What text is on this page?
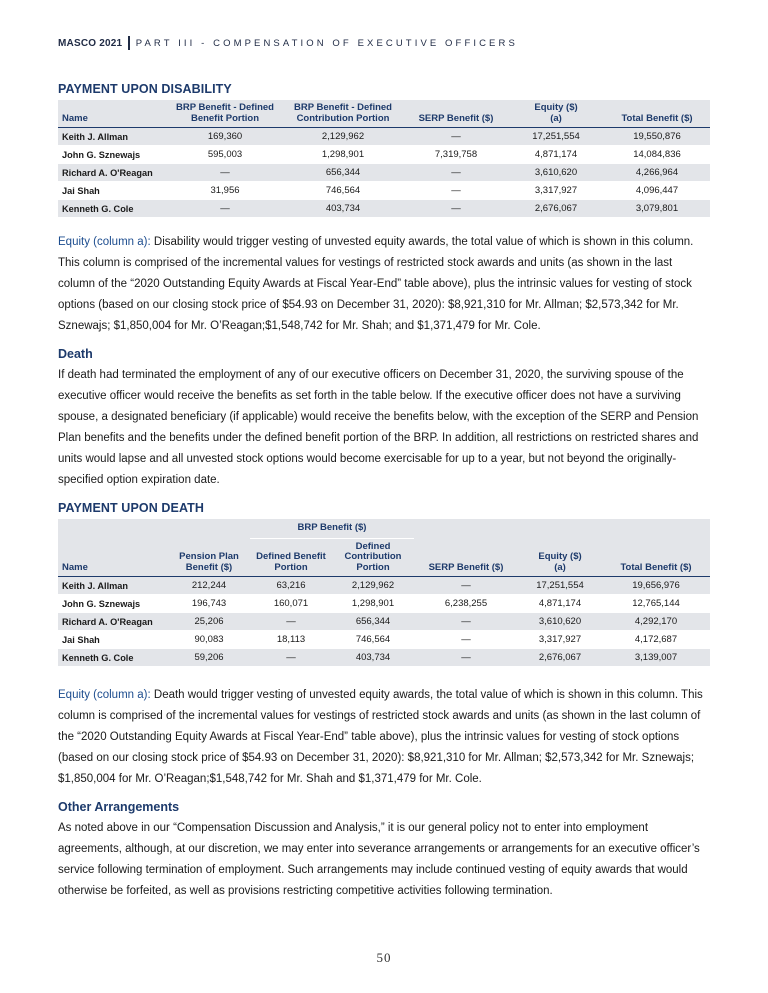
MASCO 2021 PART III - COMPENSATION OF EXECUTIVE OFFICERS
PAYMENT UPON DISABILITY
Name	BRP Benefit - Defined Benefit Portion	BRP Benefit - Defined Contribution Portion	SERP Benefit ($)	Equity ($) (a)	Total Benefit ($)
Keith J. Allman	169,360	2,129,962	—	17,251,554	19,550,876
John G. Sznewajs	595,003	1,298,901	7,319,758	4,871,174	14,084,836
Richard A. O'Reagan	—	656,344	—	3,610,620	4,266,964
Jai Shah	31,956	746,564	—	3,317,927	4,096,447
Kenneth G. Cole	—	403,734	—	2,676,067	3,079,801

Equity (column a): Disability would trigger vesting of unvested equity awards, the total value of which is shown in this column. This column is comprised of the incremental values for vestings of restricted stock awards and units (as shown in the last column of the “2020 Outstanding Equity Awards at Fiscal Year-End” table above), plus the intrinsic values for vesting of stock options (based on our closing stock price of $54.93 on December 31, 2020): $8,921,310 for Mr. Allman; $2,573,342 for Mr. Sznewajs; $1,850,004 for Mr. O’Reagan;$1,548,742 for Mr. Shah; and $1,371,479 for Mr. Cole.

Death

If death had terminated the employment of any of our executive officers on December 31, 2020, the surviving spouse of the executive officer would receive the benefits as set forth in the table below. If the executive officer does not have a surviving spouse, a designated beneficiary (if applicable) would receive the benefits below, with the exception of the SERP and Pension Plan benefits and the benefits under the defined benefit portion of the BRP. In addition, all restrictions on restricted shares and units would lapse and all unvested stock options would become exercisable for up to a year, but not beyond the originally-specified option expiration date.

PAYMENT UPON DEATH
		BRP Benefit ($)				
Name	Pension Plan Benefit ($)	Defined Benefit Portion	Defined Contribution Portion	SERP Benefit ($)	Equity ($) (a)	Total Benefit ($)
Keith J. Allman	212,244	63,216	2,129,962	—	17,251,554	19,656,976
John G. Sznewajs	196,743	160,071	1,298,901	6,238,255	4,871,174	12,765,144
Richard A. O'Reagan	25,206	—	656,344	—	3,610,620	4,292,170
Jai Shah	90,083	18,113	746,564	—	3,317,927	4,172,687
Kenneth G. Cole	59,206	—	403,734	—	2,676,067	3,139,007

Equity (column a): Death would trigger vesting of unvested equity awards, the total value of which is shown in this column. This column is comprised of the incremental values for vestings of restricted stock awards and units (as shown in the last column of the “2020 Outstanding Equity Awards at Fiscal Year-End” table above), plus the intrinsic values for vesting of stock options (based on our closing stock price of $54.93 on December 31, 2020): $8,921,310 for Mr. Allman; $2,573,342 for Mr. Sznewajs; $1,850,004 for Mr. O’Reagan;$1,548,742 for Mr. Shah and $1,371,479 for Mr. Cole.

Other Arrangements

As noted above in our “Compensation Discussion and Analysis,” it is our general policy not to enter into employment agreements, although, at our discretion, we may enter into severance arrangements or arrangements for an executive officer’s service following termination of employment. Such arrangements may include continued vesting of equity awards that would otherwise be forfeited, as well as provisions restricting competitive activities following termination.

50
